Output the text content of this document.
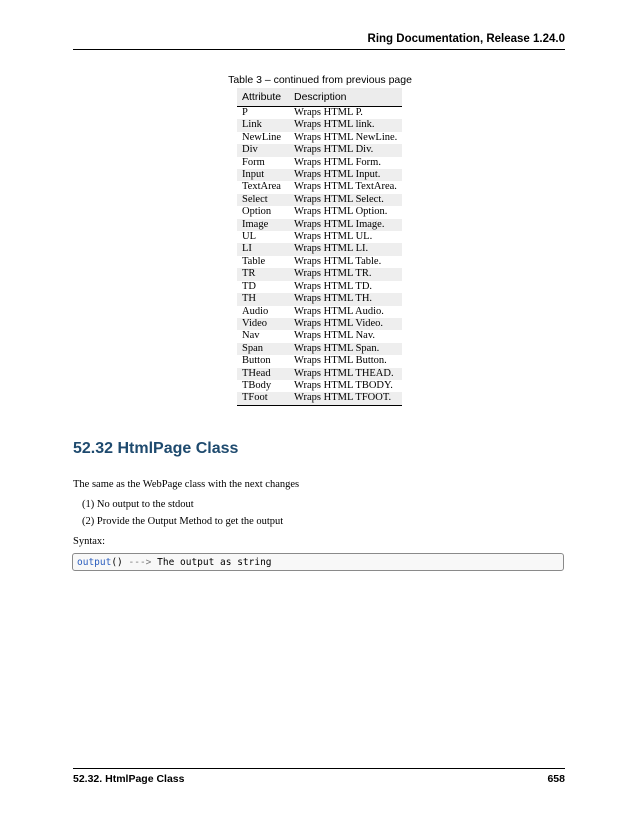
Ring Documentation, Release 1.24.0
Table 3 – continued from previous page
Attribute	Description
P	Wraps HTML P.
Link	Wraps HTML link.
NewLine	Wraps HTML NewLine.
Div	Wraps HTML Div.
Form	Wraps HTML Form.
Input	Wraps HTML Input.
TextArea	Wraps HTML TextArea.
Select	Wraps HTML Select.
Option	Wraps HTML Option.
Image	Wraps HTML Image.
UL	Wraps HTML UL.
LI	Wraps HTML LI.
Table	Wraps HTML Table.
TR	Wraps HTML TR.
TD	Wraps HTML TD.
TH	Wraps HTML TH.
Audio	Wraps HTML Audio.
Video	Wraps HTML Video.
Nav	Wraps HTML Nav.
Span	Wraps HTML Span.
Button	Wraps HTML Button.
THead	Wraps HTML THEAD.
TBody	Wraps HTML TBODY.
TFoot	Wraps HTML TFOOT.
52.32 HtmlPage Class

The same as the WebPage class with the next changes

(1) No output to the stdout
(2) Provide the Output Method to get the output

Syntax:

output() ---> The output as string
52.32. HtmlPage Class	658
